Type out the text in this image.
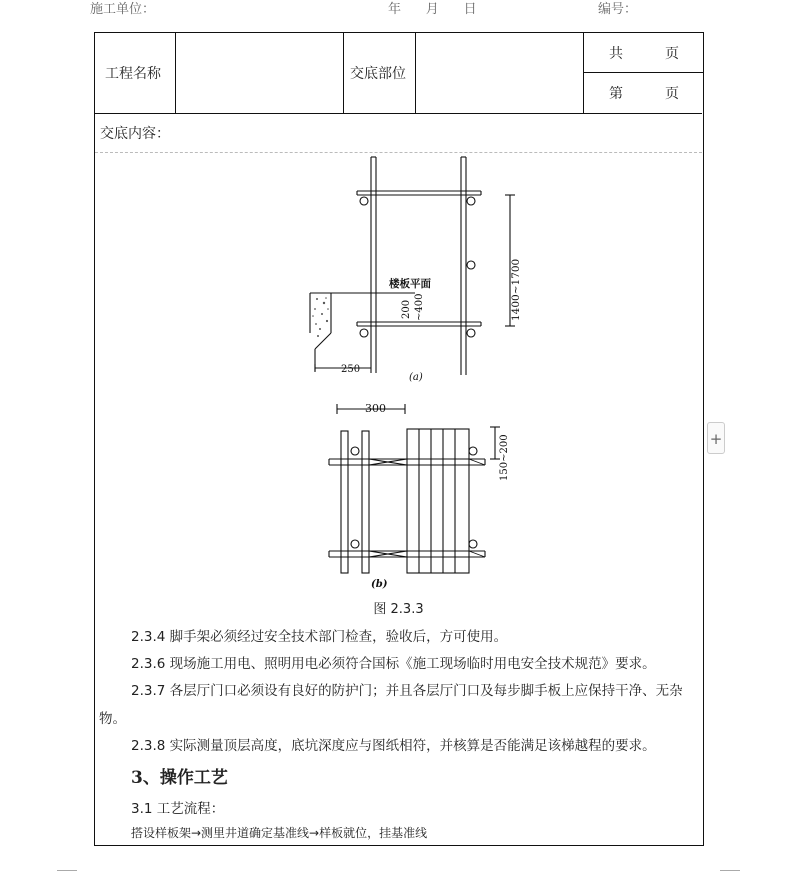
施工单位：	年      月      日	编号：
工程名称	交底部位
共	页
第	页
交底内容：
楼板平面	1400~1700
200 ~400
250
(a)
300
150~200
(b)
图 2.3.3
2.3.4 脚手架必须经过安全技术部门检查，验收后，方可使用。
2.3.6 现场施工用电、照明用电必须符合国标《施工现场临时用电安全技术规范》要求。
2.3.7 各层厅门口必须设有良好的防护门；并且各层厅门口及每步脚手板上应保持干净、无杂
物。
2.3.8 实际测量顶层高度，底坑深度应与图纸相符，并核算是否能满足该梯越程的要求。
3、操作工艺
3.1 工艺流程：
搭设样板架→测里井道确定基准线→样板就位，挂基准线
+
